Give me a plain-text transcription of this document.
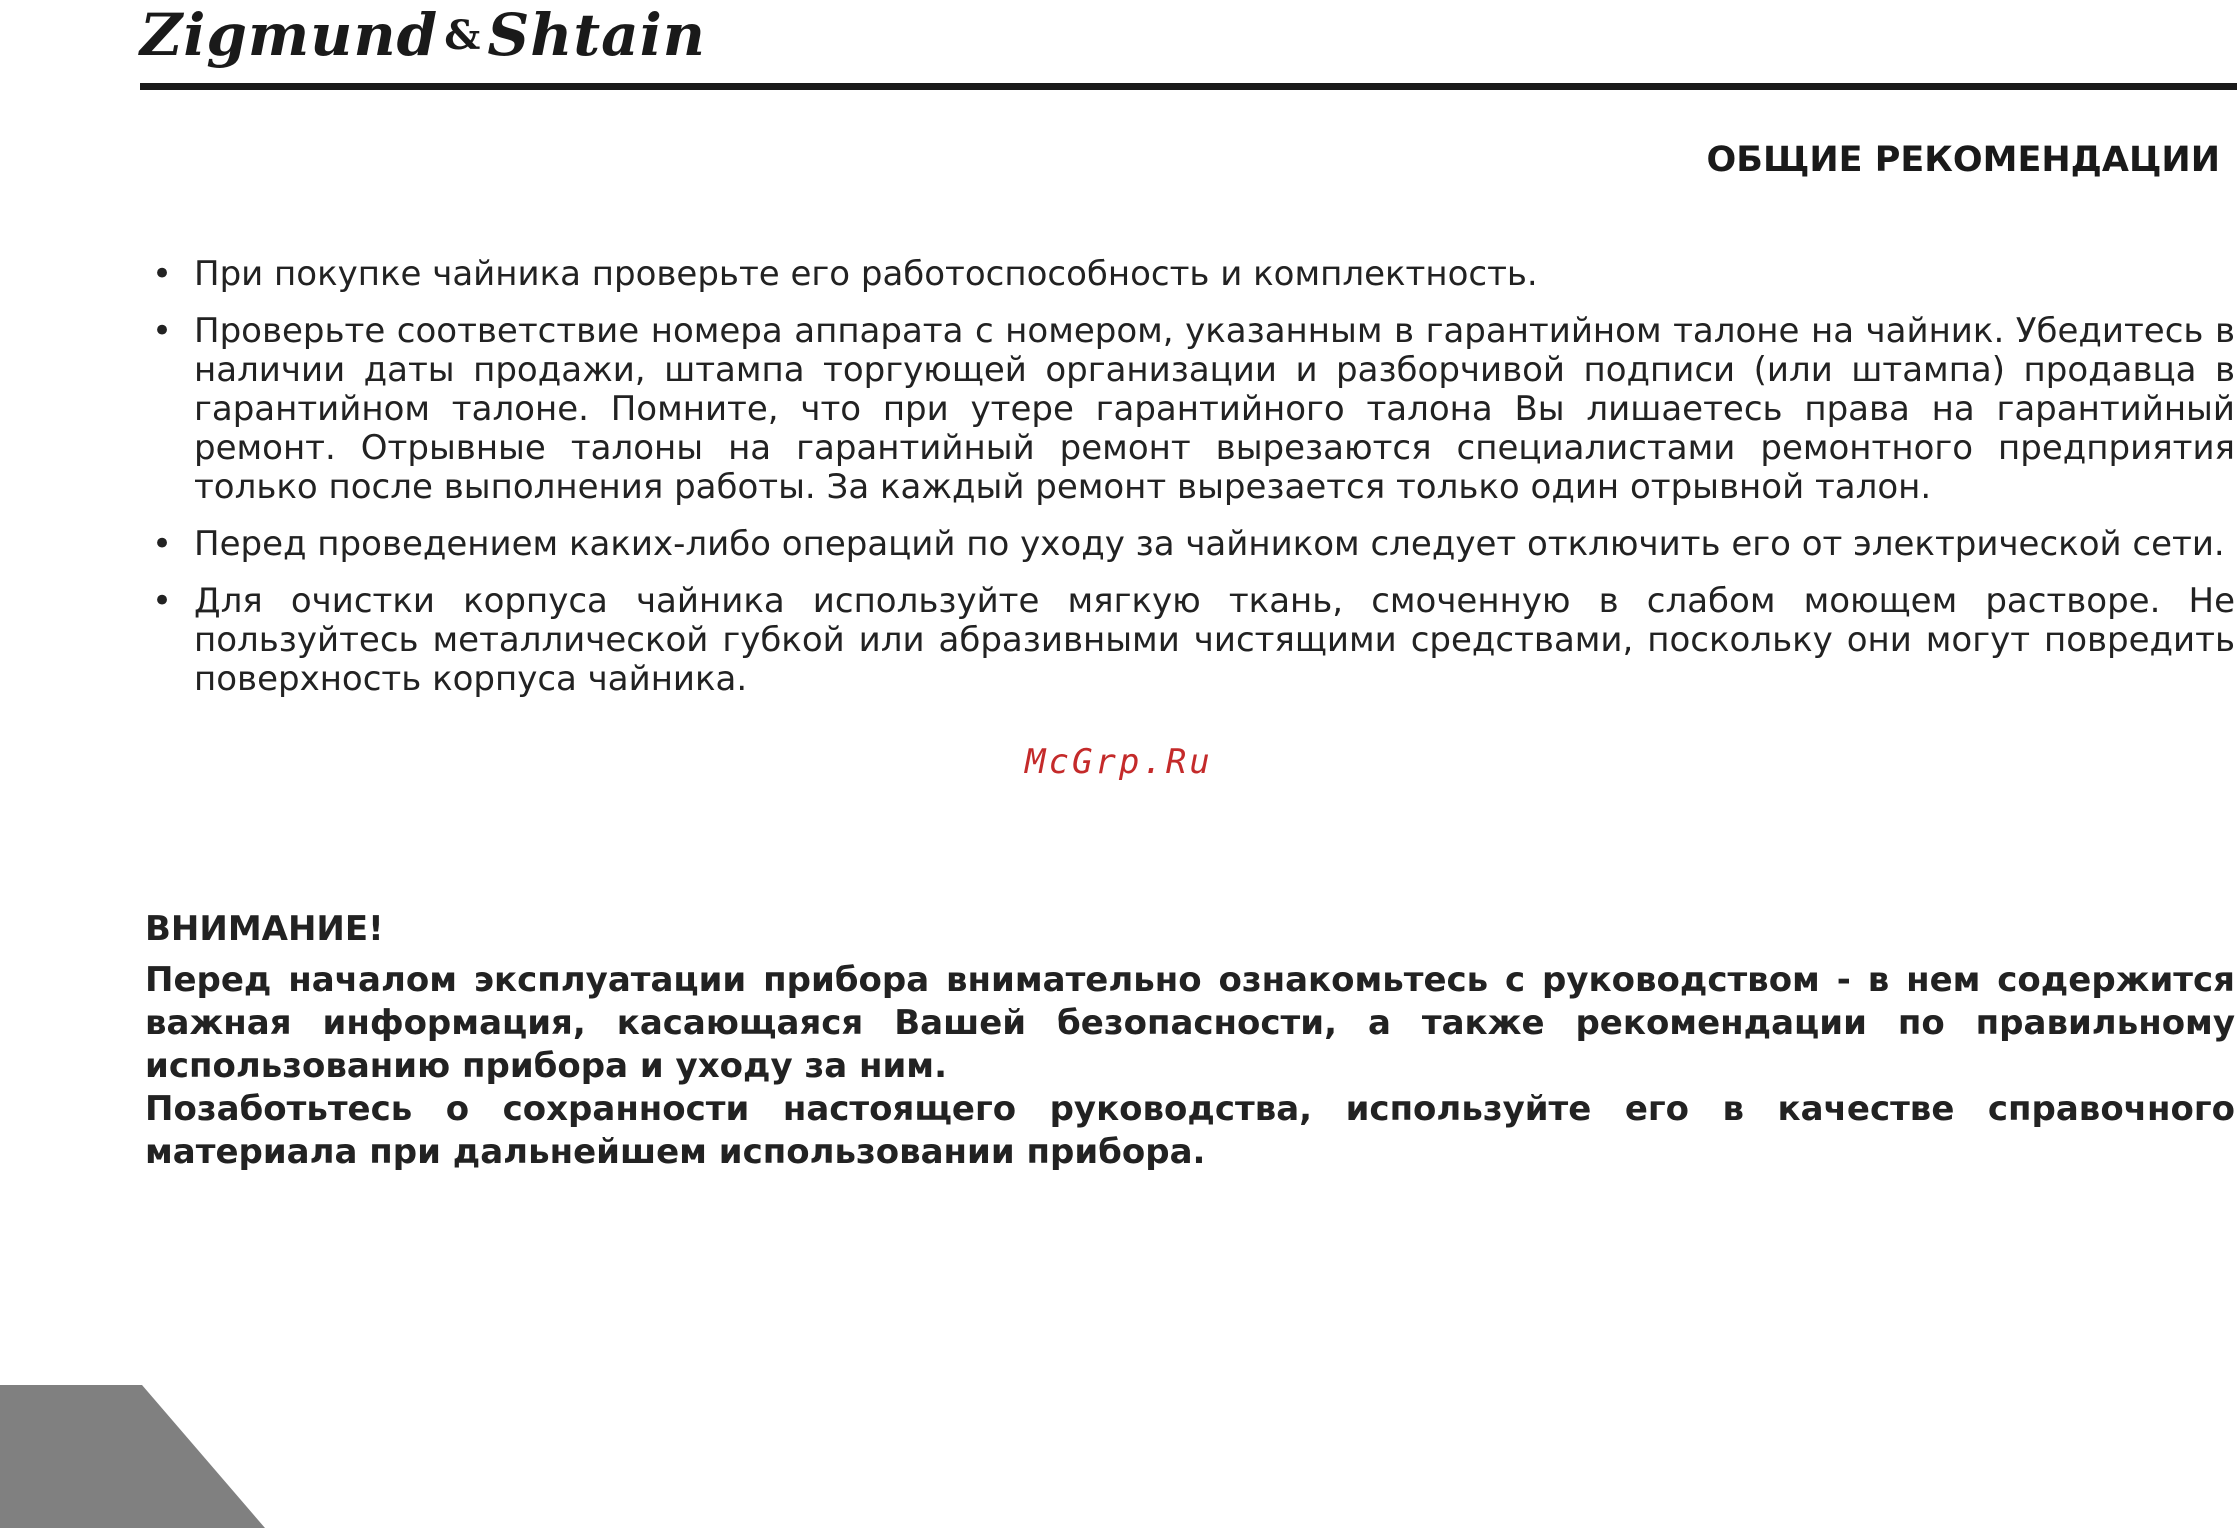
Zigmund & Shtain
ОБЩИЕ РЕКОМЕНДАЦИИ
• При покупке чайника проверьте его работоспособность и комплектность.
• Проверьте соответствие номера аппарата с номером, указанным в гарантийном талоне на чайник. Убедитесь в наличии даты продажи, штампа торгующей организации и разборчивой подписи (или штампа) продавца в гарантийном талоне. Помните, что при утере гарантийного талона Вы лишаетесь права на гарантийный ремонт. Отрывные талоны на гарантийный ремонт вырезаются специалистами ремонтного предприятия только после выполнения работы. За каждый ремонт вырезается только один отрывной талон.
• Перед проведением каких-либо операций по уходу за чайником следует отключить его от электрической сети.
• Для очистки корпуса чайника используйте мягкую ткань, смоченную в слабом моющем растворе. Не пользуйтесь металлической губкой или абразивными чистящими средствами, поскольку они могут повредить поверхность корпуса чайника.
McGrp.Ru

ВНИМАНИЕ!

Перед началом эксплуатации прибора внимательно ознакомьтесь с руководством - в нем содержится важная информация, касающаяся Вашей безопасности, а также рекомендации по правильному использованию прибора и уходу за ним.

Позаботьтесь о сохранности настоящего руководства, используйте его в качестве справочного материала при дальнейшем использовании прибора.
